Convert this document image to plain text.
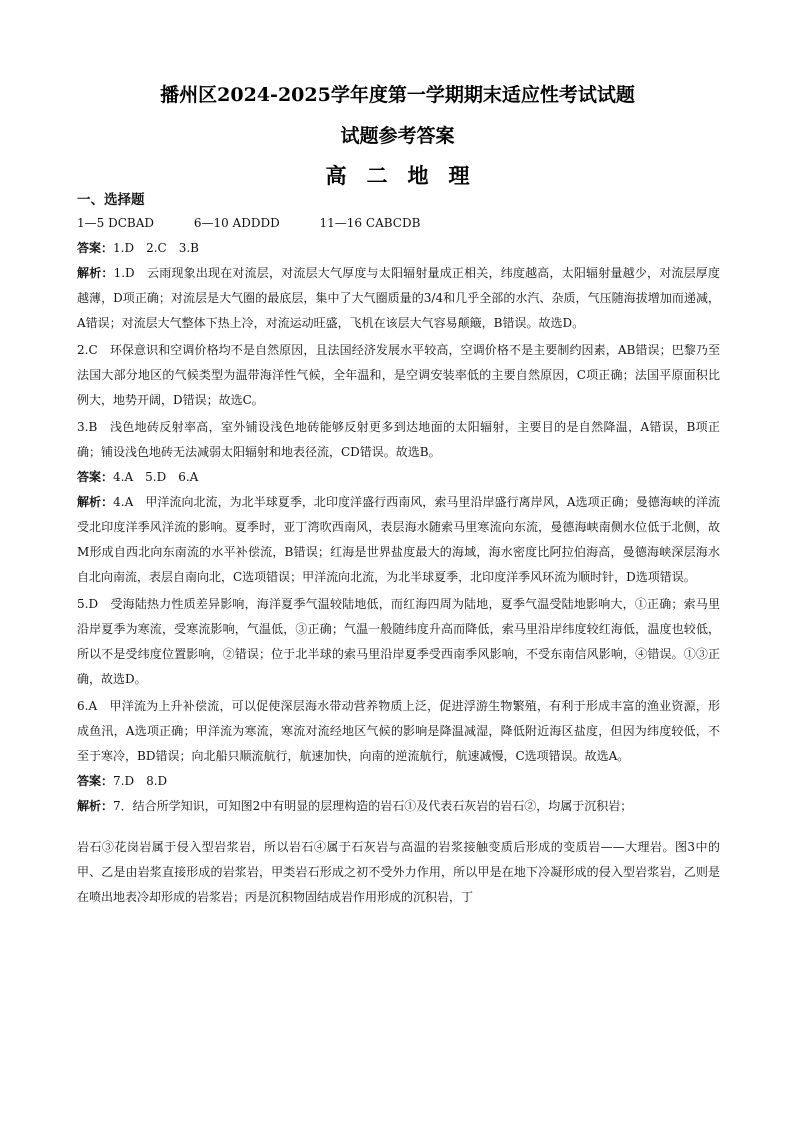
播州区2024-2025学年度第一学期期末适应性考试试题
试题参考答案
高二地理

一、选择题

1—5 DCBAD	6—10 ADDDD	11—16 CABCDB

答案：1.D　2.C　3.B

解析：1.D　云雨现象出现在对流层，对流层大气厚度与太阳辐射量成正相关，纬度越高，太阳辐射量越少，对流层厚度越薄，D项正确；对流层是大气圈的最底层，集中了大气圈质量的3/4和几乎全部的水汽、杂质，气压随海拔增加而递减，A错误；对流层大气整体下热上冷，对流运动旺盛，飞机在该层大气容易颠簸，B错误。故选D。

2.C　环保意识和空调价格均不是自然原因，且法国经济发展水平较高，空调价格不是主要制约因素，AB错误；巴黎乃至法国大部分地区的气候类型为温带海洋性气候，全年温和，是空调安装率低的主要自然原因，C项正确；法国平原面积比例大，地势开阔，D错误；故选C。

3.B　浅色地砖反射率高，室外铺设浅色地砖能够反射更多到达地面的太阳辐射，主要目的是自然降温，A错误，B项正确；铺设浅色地砖无法减弱太阳辐射和地表径流，CD错误。故选B。

答案：4.A　5.D　6.A

解析：4.A　甲洋流向北流，为北半球夏季，北印度洋盛行西南风，索马里沿岸盛行离岸风，A选项正确；曼德海峡的洋流受北印度洋季风洋流的影响。夏季时，亚丁湾吹西南风，表层海水随索马里寒流向东流，曼德海峡南侧水位低于北侧，故M形成自西北向东南流的水平补偿流，B错误；红海是世界盐度最大的海域，海水密度比阿拉伯海高，曼德海峡深层海水自北向南流，表层自南向北，C选项错误；甲洋流向北流，为北半球夏季，北印度洋季风环流为顺时针，D选项错误。

5.D　受海陆热力性质差异影响，海洋夏季气温较陆地低，而红海四周为陆地，夏季气温受陆地影响大，①正确；索马里沿岸夏季为寒流，受寒流影响，气温低，③正确；气温一般随纬度升高而降低，索马里沿岸纬度较红海低，温度也较低，所以不是受纬度位置影响，②错误；位于北半球的索马里沿岸夏季受西南季风影响，不受东南信风影响，④错误。①③正确，故选D。

6.A　甲洋流为上升补偿流，可以促使深层海水带动营养物质上泛，促进浮游生物繁殖，有利于形成丰富的渔业资源，形成鱼汛，A选项正确；甲洋流为寒流，寒流对流经地区气候的影响是降温减湿，降低附近海区盐度，但因为纬度较低，不至于寒冷，BD错误；向北船只顺流航行，航速加快，向南的逆流航行，航速减慢，C选项错误。故选A。

答案：7.D　8.D

解析：7．结合所学知识，可知图2中有明显的层理构造的岩石①及代表石灰岩的岩石②，均属于沉积岩；

岩石③花岗岩属于侵入型岩浆岩，所以岩石④属于石灰岩与高温的岩浆接触变质后形成的变质岩——大理岩。图3中的甲、乙是由岩浆直接形成的岩浆岩，甲类岩石形成之初不受外力作用，所以甲是在地下冷凝形成的侵入型岩浆岩，乙则是在喷出地表冷却形成的岩浆岩；丙是沉积物固结成岩作用形成的沉积岩，丁
